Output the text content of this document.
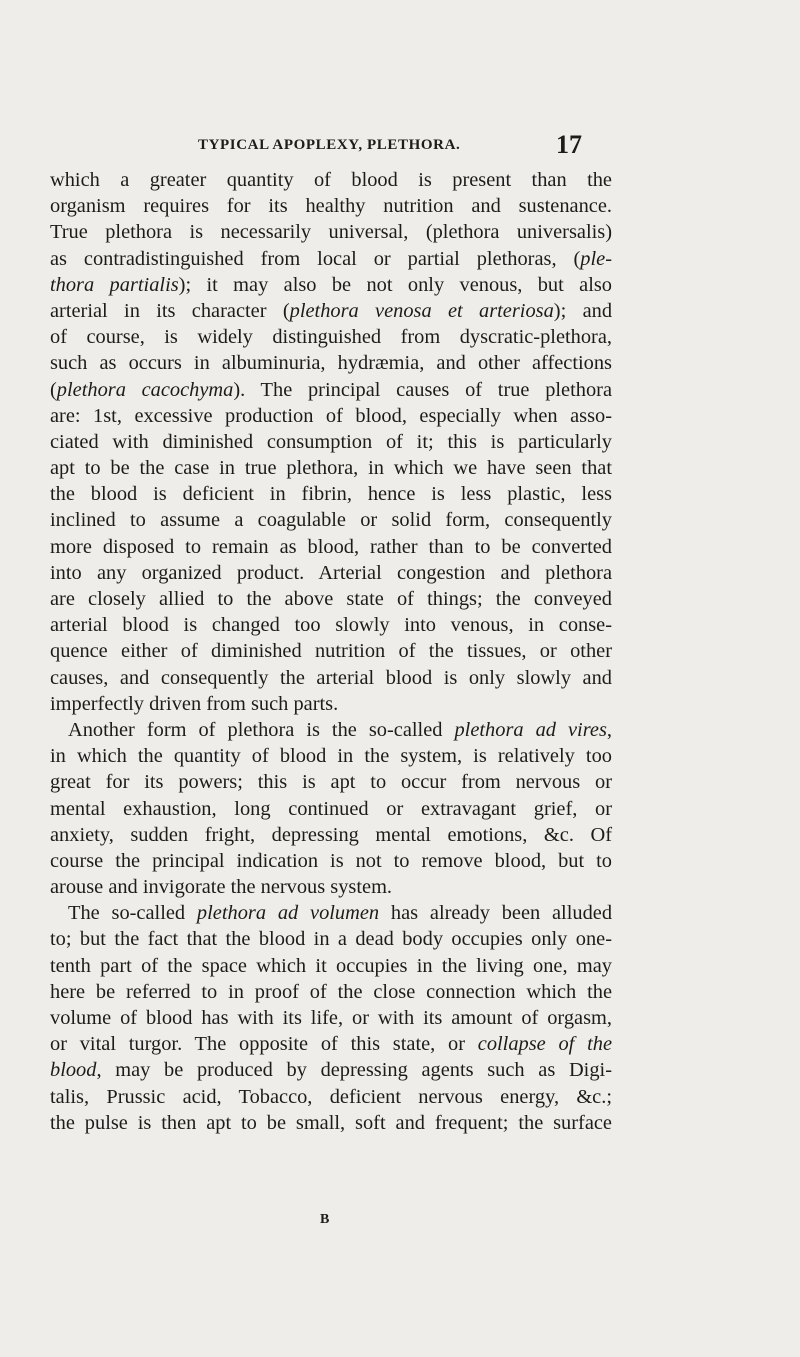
TYPICAL APOPLEXY, PLETHORA.	17
which a greater quantity of blood is present than the
organism requires for its healthy nutrition and sustenance.
True plethora is necessarily universal, (plethora universalis)
as contradistinguished from local or partial plethoras, (ple-
thora partialis); it may also be not only venous, but also
arterial in its character (plethora venosa et arteriosa); and
of course, is widely distinguished from dyscratic-plethora,
such as occurs in albuminuria, hydræmia, and other affections
(plethora cacochyma). The principal causes of true plethora
are: 1st, excessive production of blood, especially when asso-
ciated with diminished consumption of it; this is particularly
apt to be the case in true plethora, in which we have seen that
the blood is deficient in fibrin, hence is less plastic, less
inclined to assume a coagulable or solid form, consequently
more disposed to remain as blood, rather than to be converted
into any organized product. Arterial congestion and plethora
are closely allied to the above state of things; the conveyed
arterial blood is changed too slowly into venous, in conse-
quence either of diminished nutrition of the tissues, or other
causes, and consequently the arterial blood is only slowly and
imperfectly driven from such parts.
Another form of plethora is the so-called plethora ad vires,
in which the quantity of blood in the system, is relatively too
great for its powers; this is apt to occur from nervous or
mental exhaustion, long continued or extravagant grief, or
anxiety, sudden fright, depressing mental emotions, &c. Of
course the principal indication is not to remove blood, but to
arouse and invigorate the nervous system.
The so-called plethora ad volumen has already been alluded
to; but the fact that the blood in a dead body occupies only one-
tenth part of the space which it occupies in the living one, may
here be referred to in proof of the close connection which the
volume of blood has with its life, or with its amount of orgasm,
or vital turgor. The opposite of this state, or collapse of the
blood, may be produced by depressing agents such as Digi-
talis, Prussic acid, Tobacco, deficient nervous energy, &c.;
the pulse is then apt to be small, soft and frequent; the surface
B
